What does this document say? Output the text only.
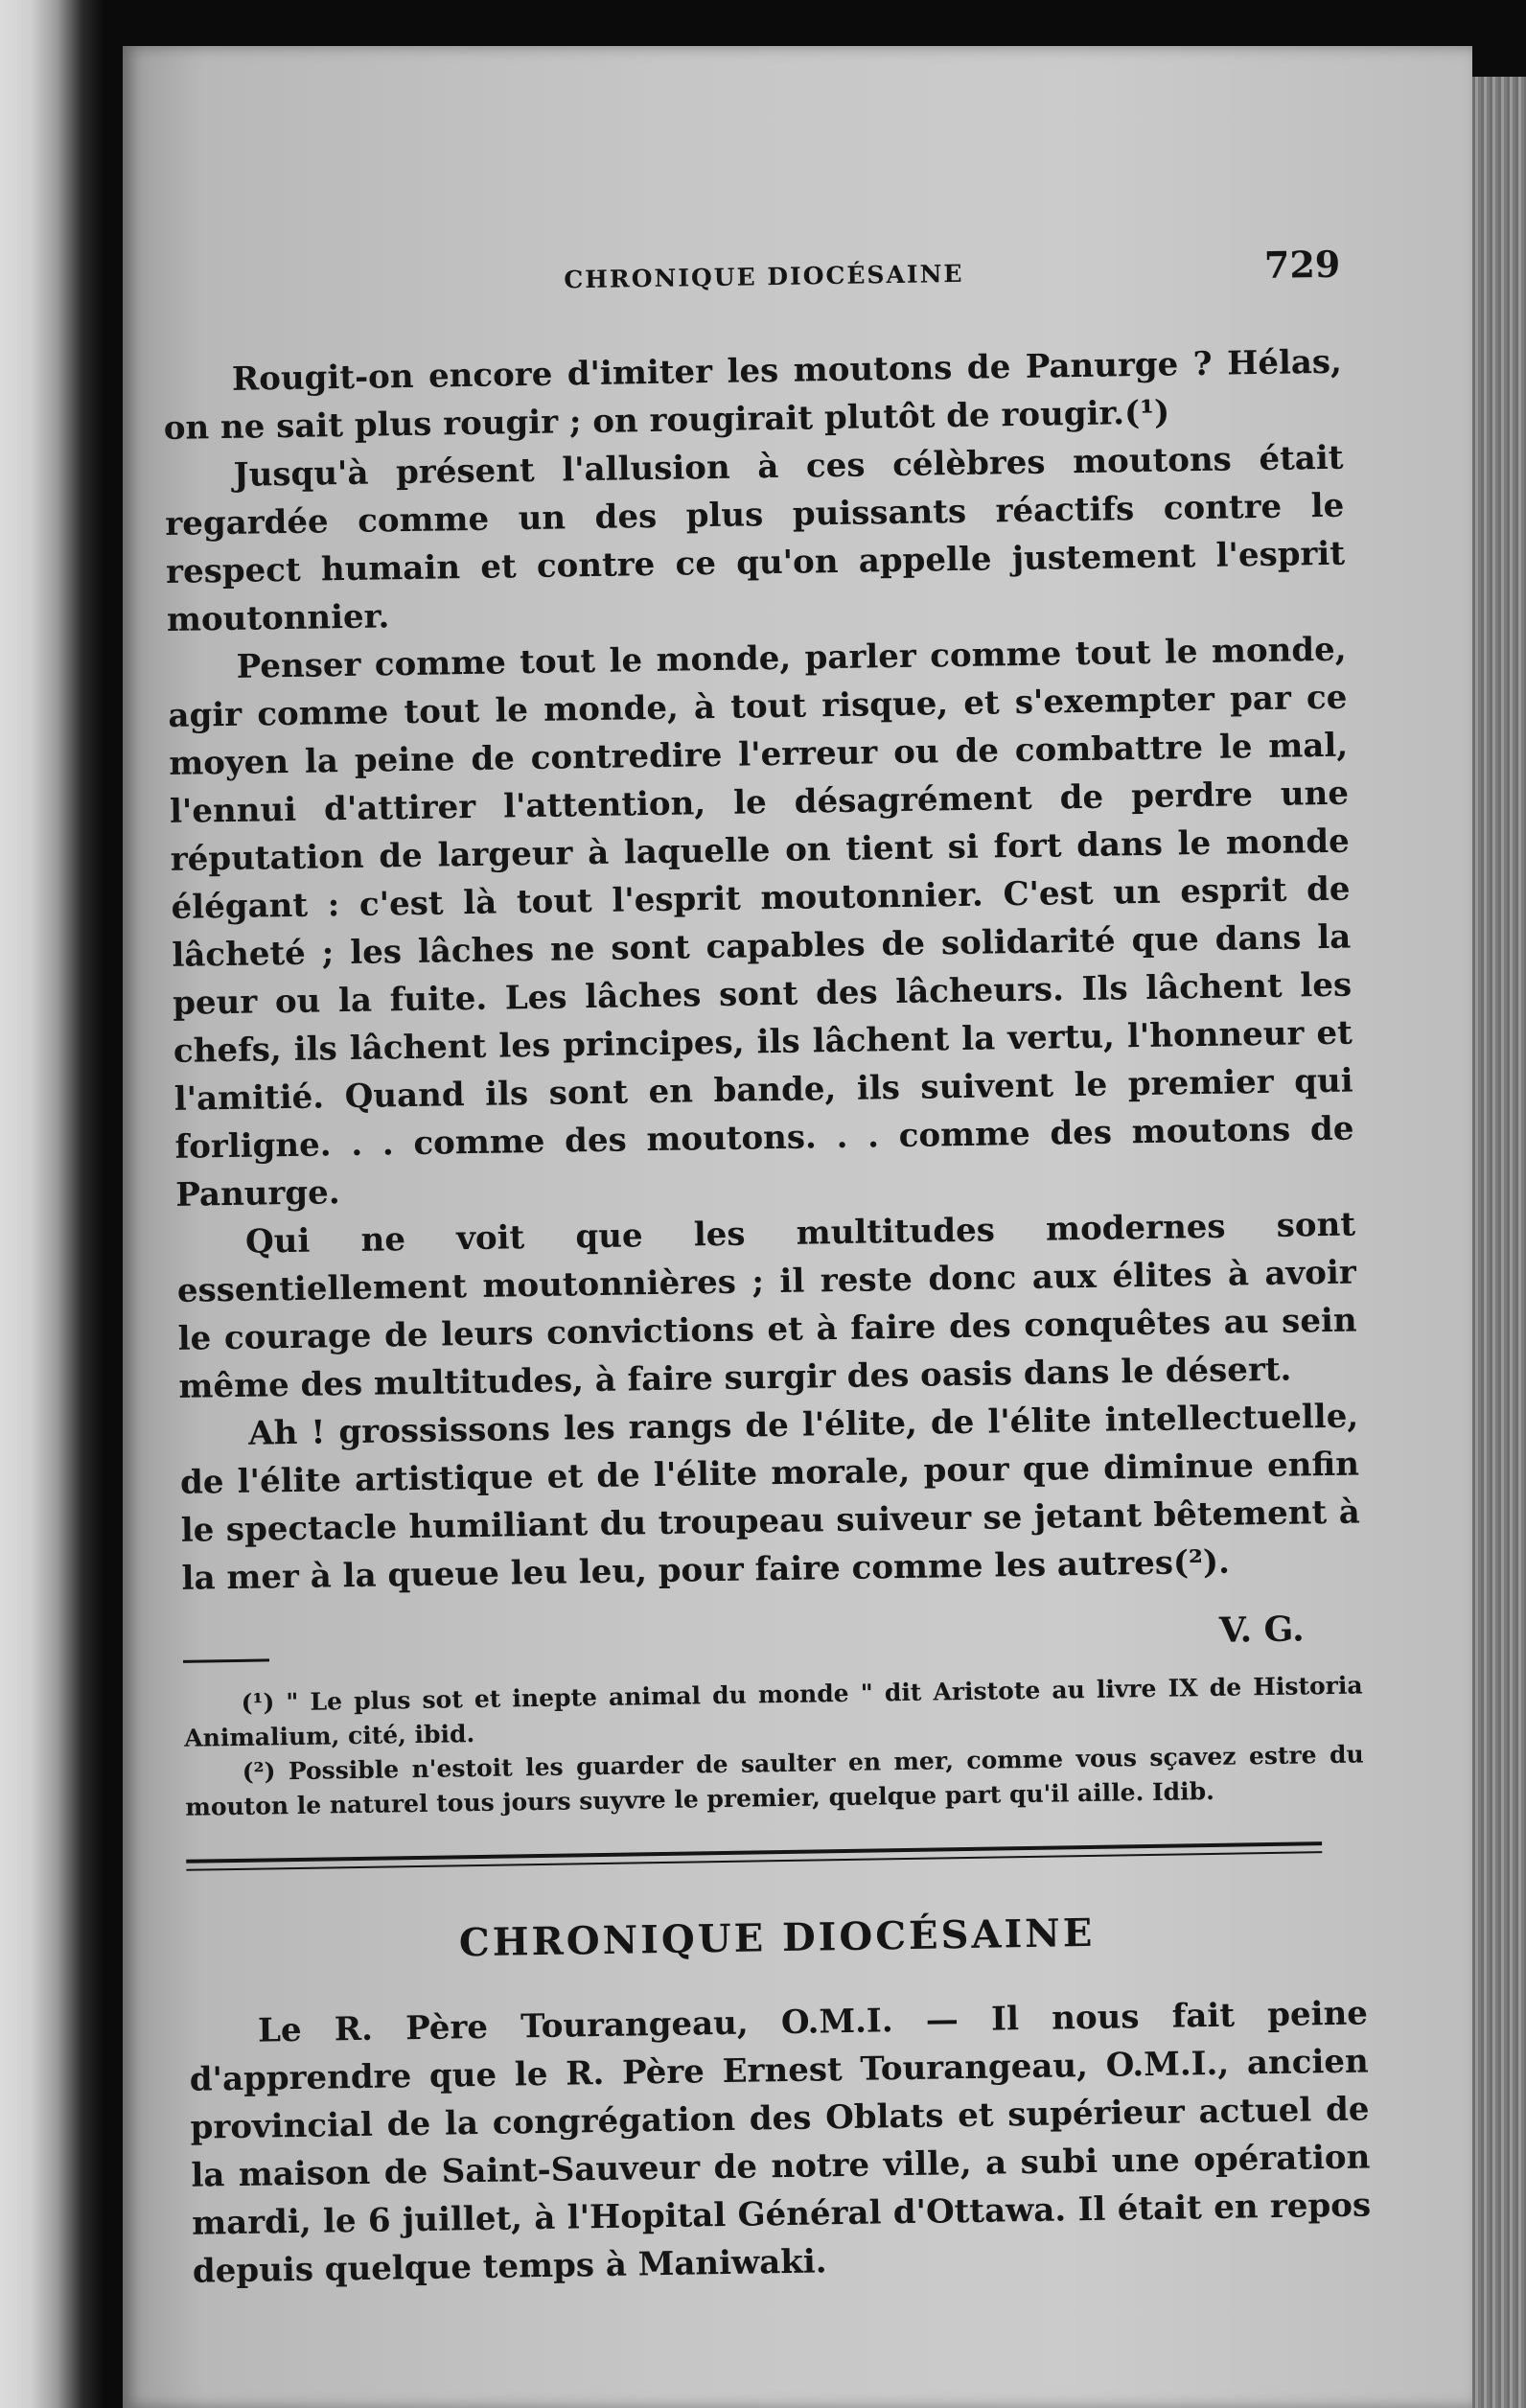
CHRONIQUE DIOCÉSAINE	729

Rougit-on encore d'imiter les moutons de Panurge ? Hélas, on ne sait plus rougir ; on rougirait plutôt de rougir.(¹)

Jusqu'à présent l'allusion à ces célèbres moutons était regardée comme un des plus puissants réactifs contre le respect humain et contre ce qu'on appelle justement l'esprit moutonnier.

Penser comme tout le monde, parler comme tout le monde, agir comme tout le monde, à tout risque, et s'exempter par ce moyen la peine de contredire l'erreur ou de combattre le mal, l'ennui d'attirer l'attention, le désagrément de perdre une réputation de largeur à laquelle on tient si fort dans le monde élégant : c'est là tout l'esprit moutonnier. C'est un esprit de lâcheté ; les lâches ne sont capables de solidarité que dans la peur ou la fuite. Les lâches sont des lâcheurs. Ils lâchent les chefs, ils lâchent les principes, ils lâchent la vertu, l'honneur et l'amitié. Quand ils sont en bande, ils suivent le premier qui forligne. . . comme des moutons. . . comme des moutons de Panurge.

Qui ne voit que les multitudes modernes sont essentiellement moutonnières ; il reste donc aux élites à avoir le courage de leurs convictions et à faire des conquêtes au sein même des multitudes, à faire surgir des oasis dans le désert.

Ah ! grossissons les rangs de l'élite, de l'élite intellectuelle, de l'élite artistique et de l'élite morale, pour que diminue enfin le spectacle humiliant du troupeau suiveur se jetant bêtement à la mer à la queue leu leu, pour faire comme les autres(²).

V. G.

(¹) " Le plus sot et inepte animal du monde " dit Aristote au livre IX de Historia Animalium, cité, ibid.

(²) Possible n'estoit les guarder de saulter en mer, comme vous sçavez estre du mouton le naturel tous jours suyvre le premier, quelque part qu'il aille. Idib.

CHRONIQUE DIOCÉSAINE

Le R. Père Tourangeau, O.M.I. — Il nous fait peine d'apprendre que le R. Père Ernest Tourangeau, O.M.I., ancien provincial de la congrégation des Oblats et supérieur actuel de la maison de Saint-Sauveur de notre ville, a subi une opération mardi, le 6 juillet, à l'Hopital Général d'Ottawa. Il était en repos depuis quelque temps à Maniwaki.
